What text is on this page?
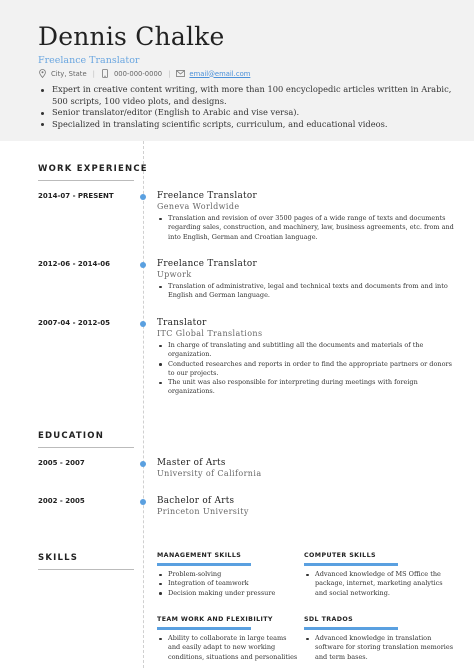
Dennis Chalke
Freelance Translator
City, State |	000-000-0000 |	email@email.com
Expert in creative content writing, with more than 100 encyclopedic articles written in Arabic, 500 scripts, 100 video plots, and designs.
Senior translator/editor (English to Arabic and vise versa).
Specialized in translating scientific scripts, curriculum, and educational videos.
WORK EXPERIENCE
2014-07 - PRESENT	Freelance Translator
Geneva Worldwide
Translation and revision of over 3500 pages of a wide range of texts and documents regarding sales, construction, and machinery, law, business agreements, etc. from and into English, German and Croatian language.
2012-06 - 2014-06	Freelance Translator
Upwork
Translation of administrative, legal and technical texts and documents from and into English and German language.
2007-04 - 2012-05	Translator
ITC Global Translations
In charge of translating and subtitling all the documents and materials of the organization.
Conducted researches and reports in order to find the appropriate partners or donors to our projects.
The unit was also responsible for interpreting during meetings with foreign organizations.
EDUCATION
2005 - 2007	Master of Arts
University of California
2002 - 2005	Bachelor of Arts
Princeton University
SKILLS	MANAGEMENT SKILLS
Problem-solving
Integration of teamwork
Decision making under pressure
COMPUTER SKILLS
Advanced knowledge of MS Office the package, internet, marketing analytics and social networking.
TEAM WORK AND FLEXIBILITY
Ability to collaborate in large teams and easily adapt to new working conditions, situations and personalities
SDL TRADOS
Advanced knowledge in translation software for storing translation memories and term bases.
